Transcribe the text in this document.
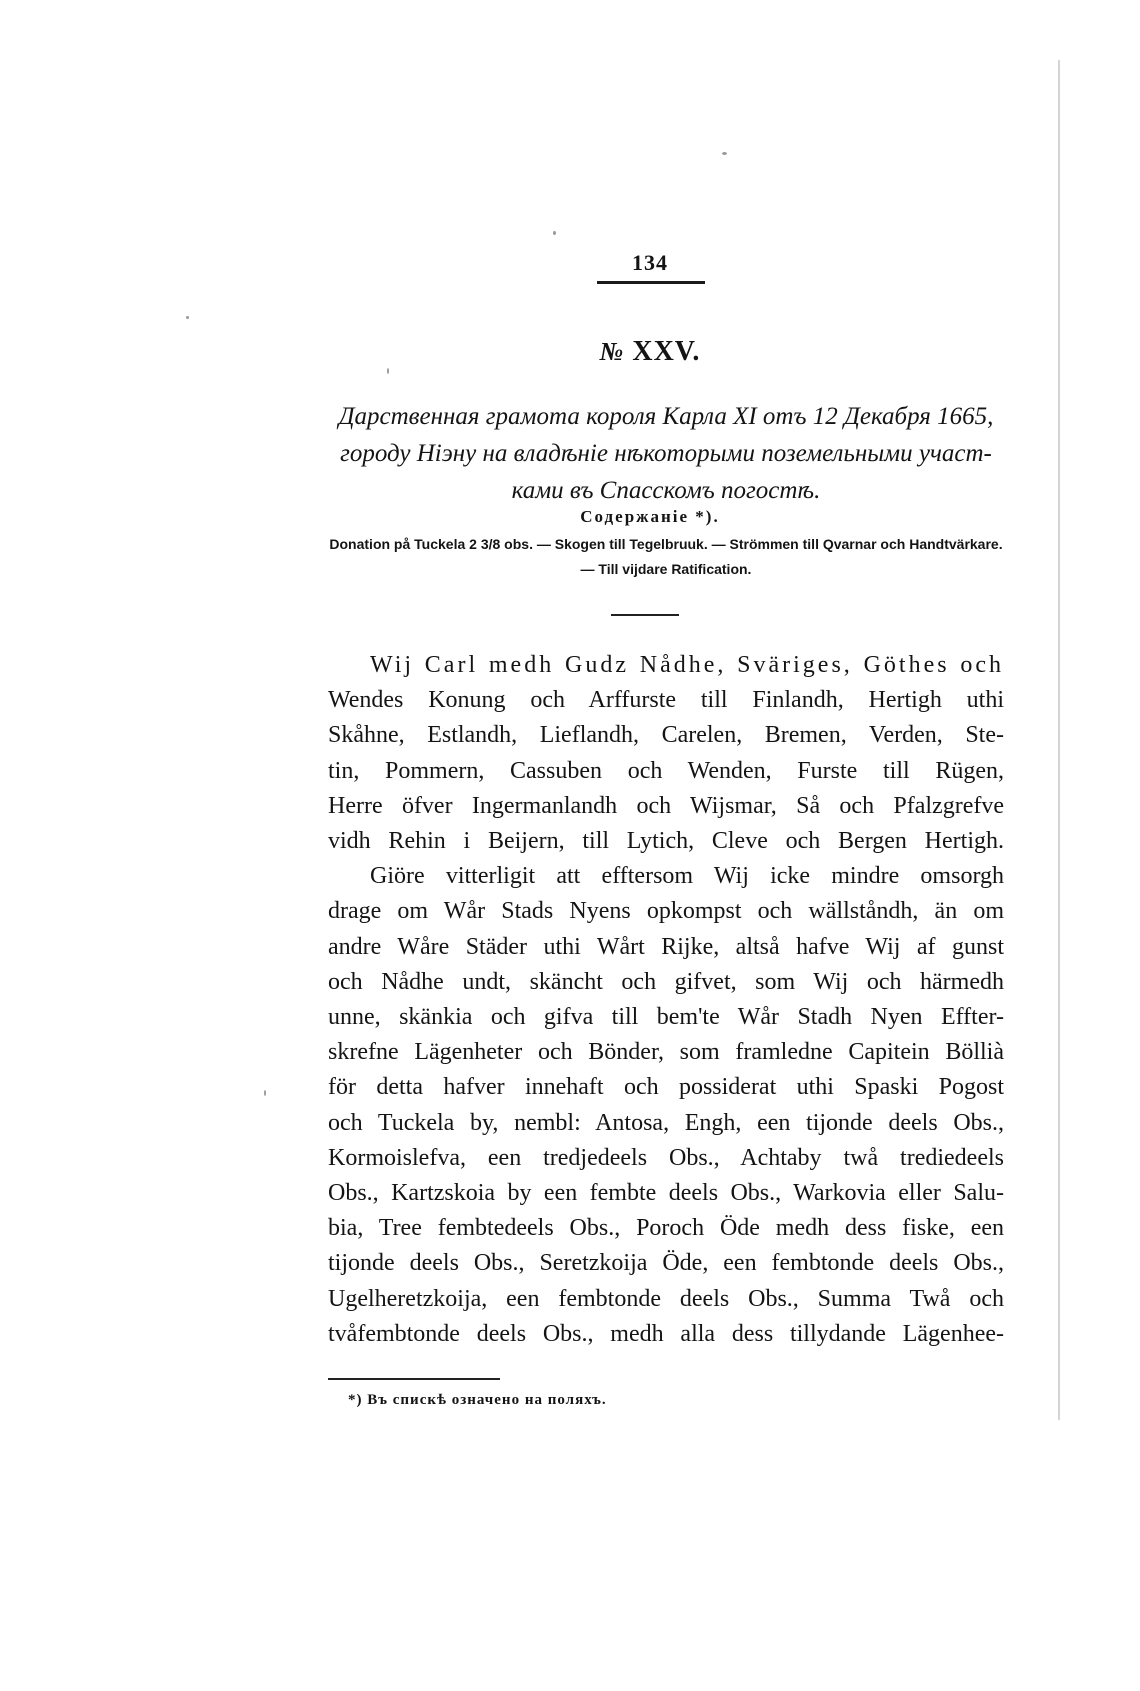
134
№ XXV.
Дарственная грамота короля Карла XI отъ 12 Декабря 1665,
городу Ніэну на владѣніе нѣкоторыми поземельными участ-
ками въ Спасскомъ погостѣ.
Содержаніе *).
Donation på Tuckela 2 3/8 obs. — Skogen till Tegelbruuk. — Strömmen till Qvarnar och Handtvärkare. — Till vijdare Ratification.
Wij Carl medh Gudz Nådhe, Sväriges, Göthes och
Wendes Konung och Arffurste till Finlandh, Hertigh uthi
Skåhne, Estlandh, Lieflandh, Carelen, Bremen, Verden, Ste-
tin, Pommern, Cassuben och Wenden, Furste till Rügen,
Herre öfver Ingermanlandh och Wijsmar, Så och Pfalzgrefve
vidh Rehin i Beijern, till Lytich, Cleve och Bergen Hertigh.
Giöre vitterligit att efftersom Wij icke mindre omsorgh
drage om Wår Stads Nyens opkompst och wällståndh, än om
andre Wåre Städer uthi Wårt Rijke, altså hafve Wij af gunst
och Nådhe undt, skäncht och gifvet, som Wij och härmedh
unne, skänkia och gifva till bem'te Wår Stadh Nyen Effter-
skrefne Lägenheter och Bönder, som framledne Capitein Böllià
för detta hafver innehaft och possiderat uthi Spaski Pogost
och Tuckela by, nembl: Antosa, Engh, een tijonde deels Obs.,
Kormoislefva, een tredjedeels Obs., Achtaby twå trediedeels
Obs., Kartzskoia by een fembte deels Obs., Warkovia eller Salu-
bia, Tree fembtedeels Obs., Poroch Öde medh dess fiske, een
tijonde deels Obs., Seretzkoija Öde, een fembtonde deels Obs.,
Ugelheretzkoija, een fembtonde deels Obs., Summa Twå och
tvåfembtonde deels Obs., medh alla dess tillydande Lägenhee-
*) Въ спискѣ означено на поляхъ.
